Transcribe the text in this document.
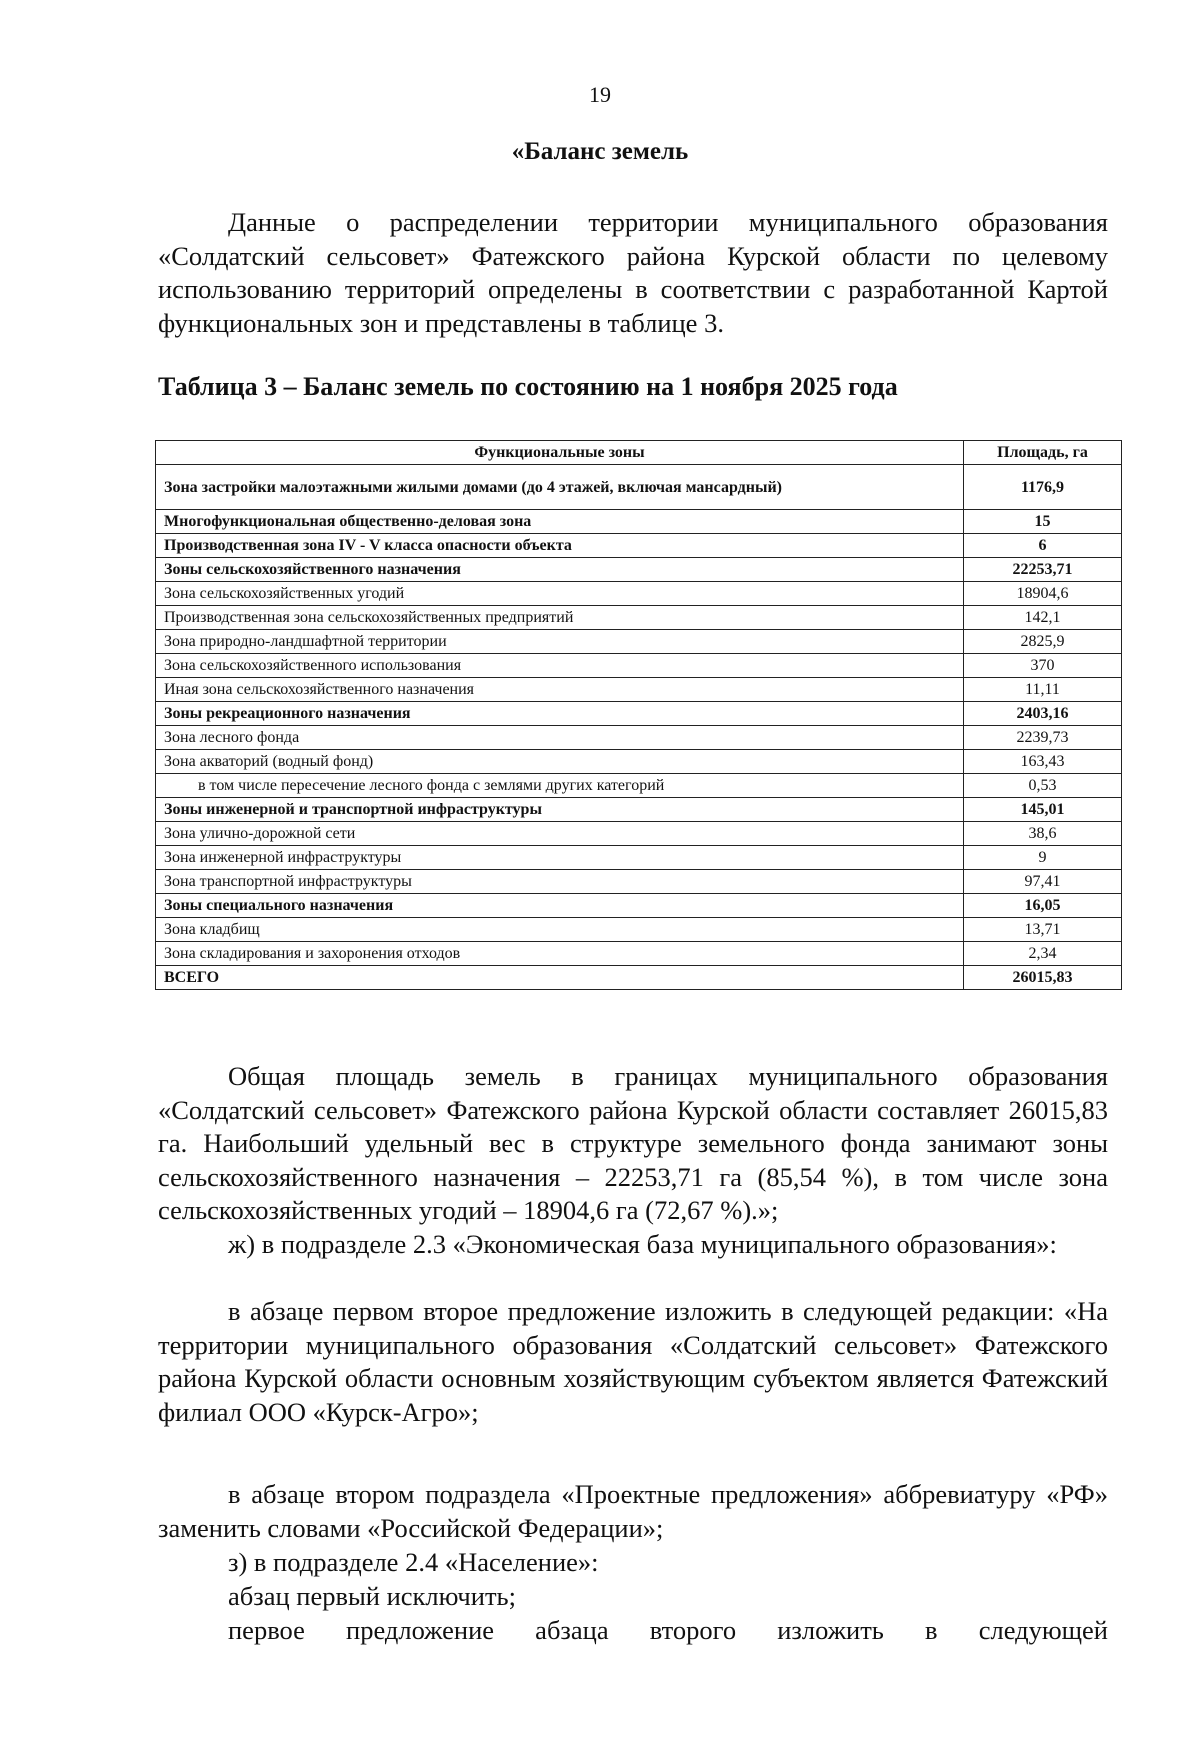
19
«Баланс земель

Данные о распределении территории муниципального образования «Солдатский сельсовет» Фатежского района Курской области по целевому использованию территорий определены в соответствии с разработанной Картой функциональных зон и представлены в таблице 3.

Таблица 3 – Баланс земель по состоянию на 1 ноября 2025 года
Функциональные зоны	Площадь, га
Зона застройки малоэтажными жилыми домами (до 4 этажей, включая мансардный)	1176,9
Многофункциональная общественно-деловая зона	15
Производственная зона IV - V класса опасности объекта	6
Зоны сельскохозяйственного назначения	22253,71
Зона сельскохозяйственных угодий	18904,6
Производственная зона сельскохозяйственных предприятий	142,1
Зона природно-ландшафтной территории	2825,9
Зона сельскохозяйственного использования	370
Иная зона сельскохозяйственного назначения	11,11
Зоны рекреационного назначения	2403,16
Зона лесного фонда	2239,73
Зона акваторий (водный фонд)	163,43
в том числе пересечение лесного фонда с землями других категорий	0,53
Зоны инженерной и транспортной инфраструктуры	145,01
Зона улично-дорожной сети	38,6
Зона инженерной инфраструктуры	9
Зона транспортной инфраструктуры	97,41
Зоны специального назначения	16,05
Зона кладбищ	13,71
Зона складирования и захоронения отходов	2,34
ВСЕГО	26015,83

Общая площадь земель в границах муниципального образования «Солдатский сельсовет» Фатежского района Курской области составляет 26015,83 га. Наибольший удельный вес в структуре земельного фонда занимают зоны сельскохозяйственного назначения – 22253,71 га (85,54 %), в том числе зона сельскохозяйственных угодий – 18904,6 га (72,67 %).»;

ж) в подразделе 2.3 «Экономическая база муниципального образования»:

в абзаце первом второе предложение изложить в следующей редакции: «На территории муниципального образования «Солдатский сельсовет» Фатежского района Курской области основным хозяйствующим субъектом является Фатежский филиал ООО «Курск-Агро»;

в абзаце втором подраздела «Проектные предложения» аббревиатуру «РФ» заменить словами «Российской Федерации»;

з) в подразделе 2.4 «Население»:

абзац первый исключить;

первое предложение абзаца второго изложить в следующей
